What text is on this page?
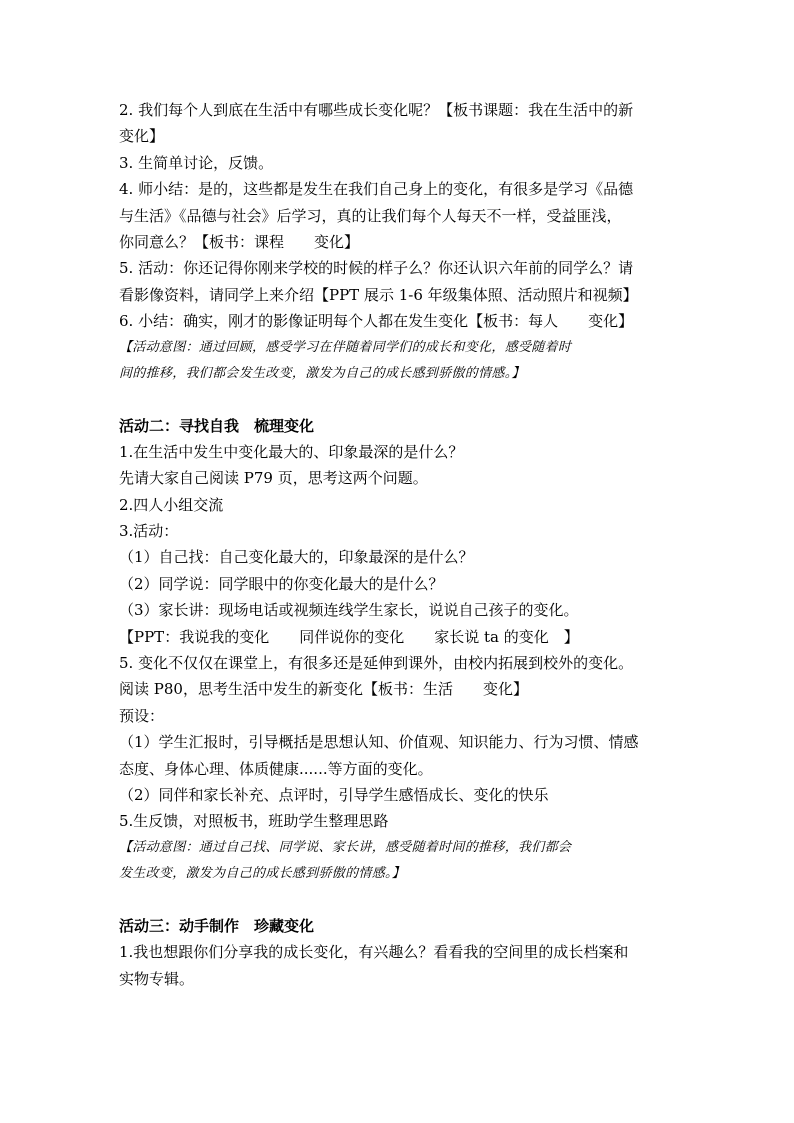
2. 我们每个人到底在生活中有哪些成长变化呢？【板书课题：我在生活中的新
变化】
3. 生简单讨论，反馈。
4. 师小结：是的，这些都是发生在我们自己身上的变化，有很多是学习《品德
与生活》《品德与社会》后学习，真的让我们每个人每天不一样，受益匪浅，
你同意么？【板书：课程　　变化】
5. 活动：你还记得你刚来学校的时候的样子么？你还认识六年前的同学么？请
看影像资料，请同学上来介绍【PPT 展示 1-6 年级集体照、活动照片和视频】
6. 小结：确实，刚才的影像证明每个人都在发生变化【板书：每人　　变化】
【活动意图：通过回顾，感受学习在伴随着同学们的成长和变化，感受随着时
间的推移，我们都会发生改变，激发为自己的成长感到骄傲的情感。】
活动二：寻找自我　梳理变化
1.在生活中发生中变化最大的、印象最深的是什么？
先请大家自己阅读 P79 页，思考这两个问题。
2.四人小组交流
3.活动：
（1）自己找：自己变化最大的，印象最深的是什么？
（2）同学说：同学眼中的你变化最大的是什么？
（3）家长讲：现场电话或视频连线学生家长，说说自己孩子的变化。
【PPT：我说我的变化　　同伴说你的变化　　家长说 ta 的变化　】
5. 变化不仅仅在课堂上，有很多还是延伸到课外，由校内拓展到校外的变化。
阅读 P80，思考生活中发生的新变化【板书：生活　　变化】
预设：
（1）学生汇报时，引导概括是思想认知、价值观、知识能力、行为习惯、情感
态度、身体心理、体质健康......等方面的变化。
（2）同伴和家长补充、点评时，引导学生感悟成长、变化的快乐
5.生反馈，对照板书，班助学生整理思路
【活动意图：通过自己找、同学说、家长讲，感受随着时间的推移，我们都会
发生改变，激发为自己的成长感到骄傲的情感。】
活动三：动手制作　珍藏变化
1.我也想跟你们分享我的成长变化，有兴趣么？看看我的空间里的成长档案和
实物专辑。
